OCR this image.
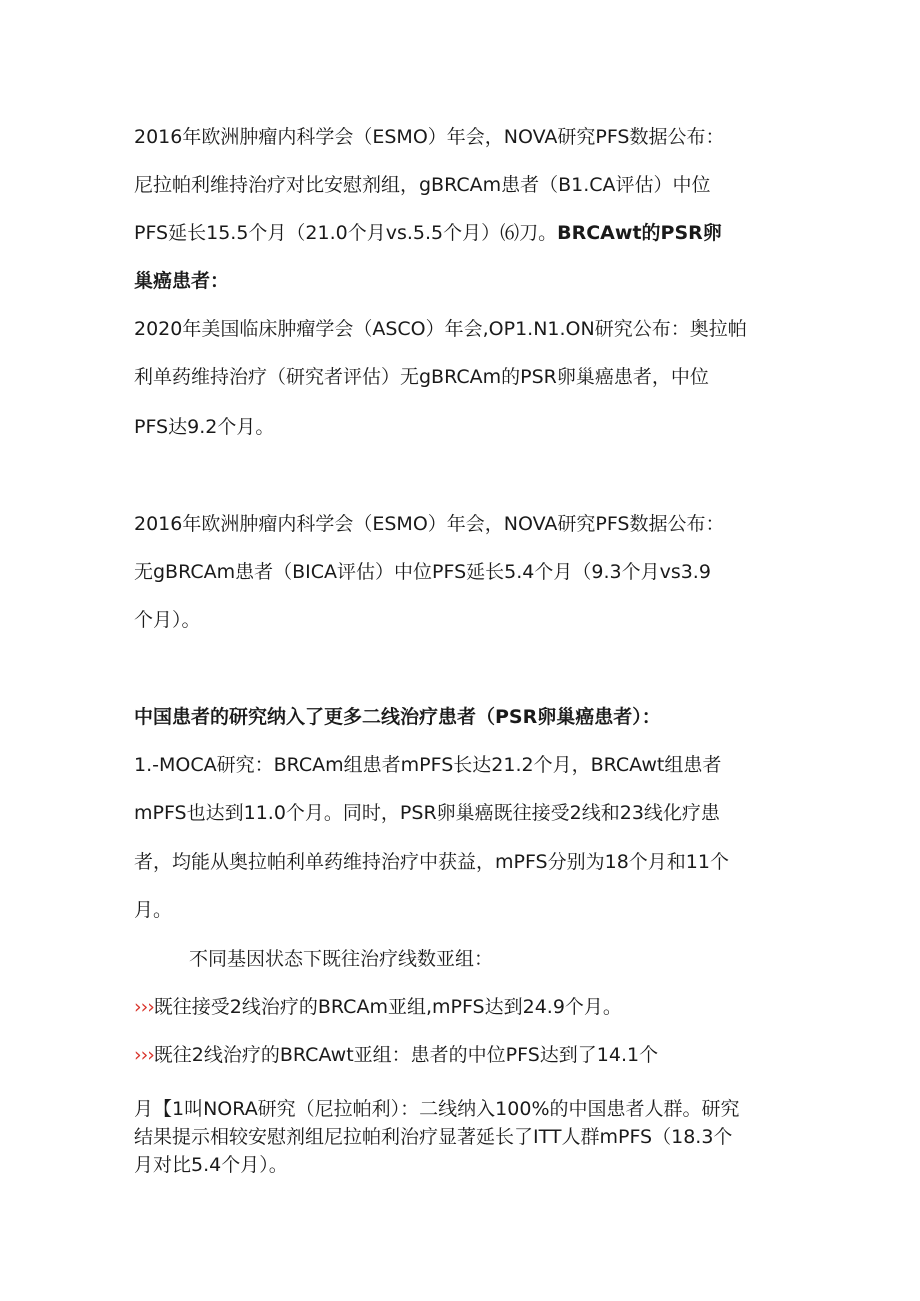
2016年欧洲肿瘤内科学会（ESMO）年会，NOVA研究PFS数据公布：
尼拉帕利维持治疗对比安慰剂组，gBRCAm患者（B1.CA评估）中位
PFS延长15.5个月（21.0个月vs.5.5个月）⑹刀。BRCAwt的PSR卵
巢癌患者：
2020年美国临床肿瘤学会（ASCO）年会,OP1.N1.ON研究公布：奥拉帕
利单药维持治疗（研究者评估）无gBRCAm的PSR卵巢癌患者，中位
PFS达9.2个月。
2016年欧洲肿瘤内科学会（ESMO）年会，NOVA研究PFS数据公布：
无gBRCAm患者（BICA评估）中位PFS延长5.4个月（9.3个月vs3.9
个月）。
中国患者的研究纳入了更多二线治疗患者（PSR卵巢癌患者）：
1.-MOCA研究：BRCAm组患者mPFS长达21.2个月，BRCAwt组患者
mPFS也达到11.0个月。同时，PSR卵巢癌既往接受2线和23线化疗患
者，均能从奥拉帕利单药维持治疗中获益，mPFS分别为18个月和11个
月。
不同基因状态下既往治疗线数亚组：
›››既往接受2线治疗的BRCAm亚组,mPFS达到24.9个月。
›››既往2线治疗的BRCAwt亚组：患者的中位PFS达到了14.1个
月【1叫NORA研究（尼拉帕利）：二线纳入100%的中国患者人群。研究
结果提示相较安慰剂组尼拉帕利治疗显著延长了ITT人群mPFS（18.3个
月对比5.4个月）。
